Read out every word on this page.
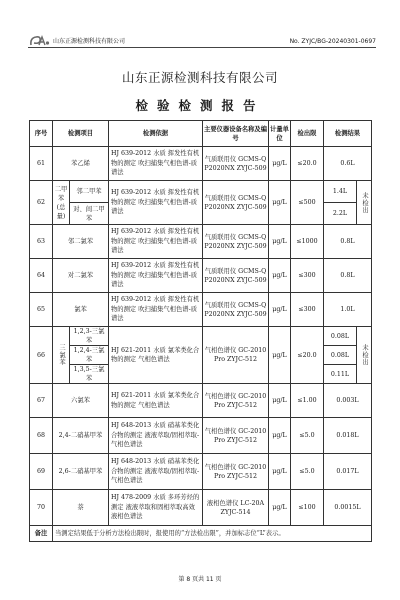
山东正源检测科技有限公司	No. ZYJC/BG-20240301-0697
山东正源检测科技有限公司
检验检测报告
序号	检测项目		检测依据	主要仪器设备名称及编号	计量单位	检出限	检测结果	
61	苯乙烯		HJ 639-2012 水质 挥发性有机物的测定 吹扫捕集气相色谱-质谱法	气质联用仪 GCMS-QP2020NX ZYJC-509	μg/L	≤20.0	0.6L	
62	二甲苯(总量)	邻二甲苯	HJ 639-2012 水质 挥发性有机物的测定 吹扫捕集气相色谱-质谱法	气质联用仪 GCMS-QP2020NX ZYJC-509	μg/L	≤500	1.4L	未检出

		对、间二甲苯					2.2L	
63	邻二氯苯		HJ 639-2012 水质 挥发性有机物的测定 吹扫捕集气相色谱-质谱法	气质联用仪 GCMS-QP2020NX ZYJC-509	μg/L	≤1000	0.8L	
64	对二氯苯		HJ 639-2012 水质 挥发性有机物的测定 吹扫捕集气相色谱-质谱法	气质联用仪 GCMS-QP2020NX ZYJC-509	μg/L	≤300	0.8L	
65	氯苯		HJ 639-2012 水质 挥发性有机物的测定 吹扫捕集气相色谱-质谱法	气质联用仪 GCMS-QP2020NX ZYJC-509	μg/L	≤300	1.0L	
66	三氯苯	1,2,3-三氯苯	HJ 621-2011 水质 氯苯类化合物的测定 气相色谱法	气相色谱仪 GC-2010Pro ZYJC-512	μg/L	≤20.0	0.08L	未检出

		1,2,4-三氯苯					0.08L	
		1,3,5-三氯苯					0.11L	
67	六氯苯		HJ 621-2011 水质 氯苯类化合物的测定 气相色谱法	气相色谱仪 GC-2010Pro ZYJC-512	μg/L	≤1.00	0.003L	
68	2,4-二硝基甲苯		HJ 648-2013 水质 硝基苯类化合物的测定 液液萃取/固相萃取-气相色谱法	气相色谱仪 GC-2010Pro ZYJC-512	μg/L	≤5.0	0.018L	
69	2,6-二硝基甲苯		HJ 648-2013 水质 硝基苯类化合物的测定 液液萃取/固相萃取-气相色谱法	气相色谱仪 GC-2010Pro ZYJC-512	μg/L	≤5.0	0.017L	
70	萘		HJ 478-2009 水质 多环芳烃的测定 液液萃取和固相萃取高效液相色谱法	液相色谱仪 LC-20A ZYJC-514	μg/L	≤100	0.0015L	
备注	当测定结果低于分析方法检出限时，报使用的“方法检出限”，并加标志位“L”表示。							
第 8 页共 11 页
